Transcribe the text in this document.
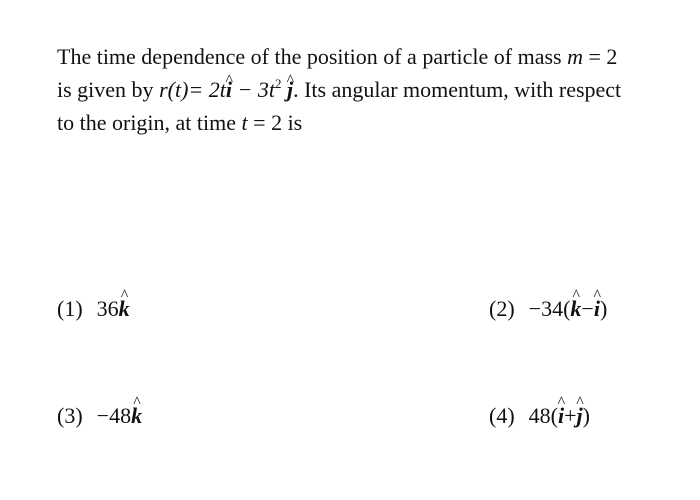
The time dependence of the position of a particle of mass m = 2
is given by r(t)= 2t^ $i - 3t^2$ ^ j. Its angular momentum, with respect
to the origin, at time t = 2 is
(1) 36^ k	(2) −34(^ k−^ i)
(3) −48^ k	(4) 48(^ i+^ j)
